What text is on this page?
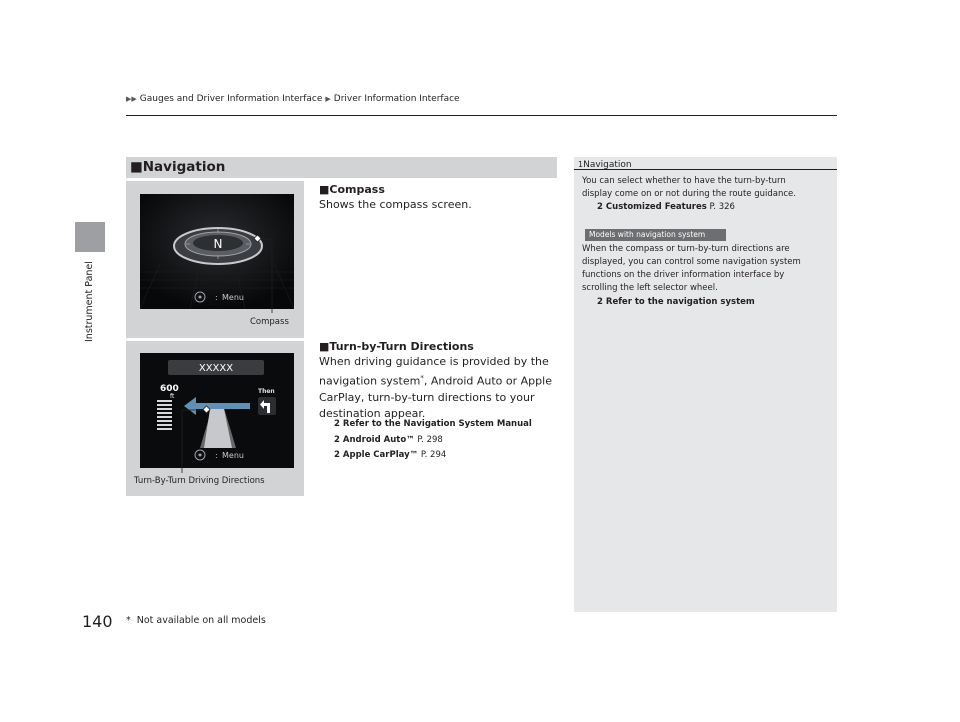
Instrument Panel
▶▶ Gauges and Driver Information Interface ▶ Driver Information Interface
■Navigation	1Navigation
You can select whether to have the turn-by-turn
display come on or not during the route guidance.
2 Customized Features P. 326
Models with navigation system
When the compass or turn-by-turn directions are
displayed, you can control some navigation system
functions on the driver information interface by
scrolling the left selector wheel.
2 Refer to the navigation system
N
: Menu
Compass
■Compass
Shows the compass screen.
XXXXX
600
ft
Then
: Menu
Turn-By-Turn Driving Directions
■Turn-by-Turn Directions
When driving guidance is provided by the
navigation system*, Android Auto or Apple
CarPlay, turn-by-turn directions to your
destination appear.
2 Refer to the Navigation System Manual
2 Android Auto™ P. 298
2 Apple CarPlay™ P. 294
140 * Not available on all models
